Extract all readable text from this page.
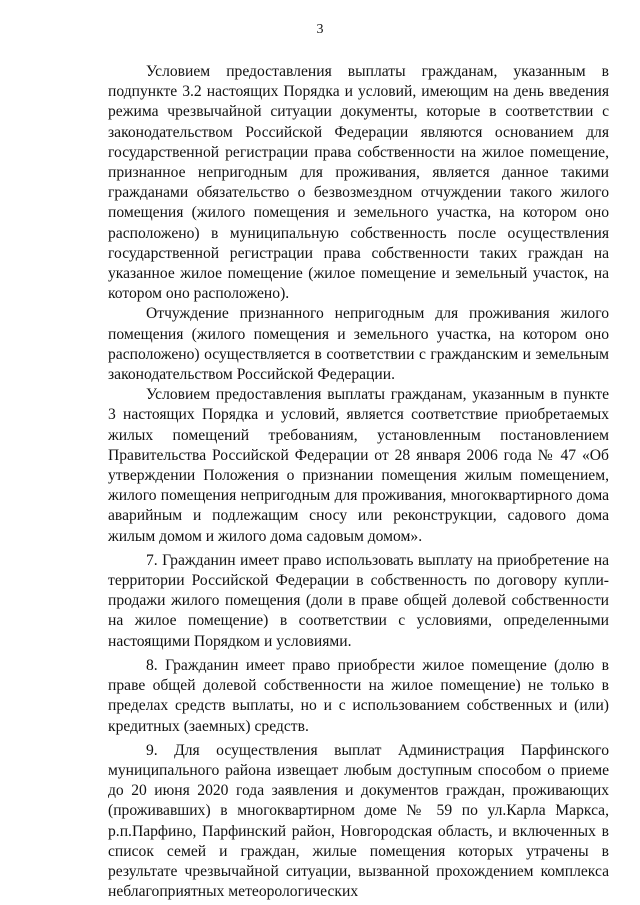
3

Условием предоставления выплаты гражданам, указанным в подпункте 3.2 настоящих Порядка и условий, имеющим на день введения режима чрезвычайной ситуации документы, которые в соответствии с законодательством Российской Федерации являются основанием для государственной регистрации права собственности на жилое помещение, признанное непригодным для проживания, является данное такими гражданами обязательство о безвозмездном отчуждении такого жилого помещения (жилого помещения и земельного участка, на котором оно расположено) в муниципальную собственность после осуществления государственной регистрации права собственности таких граждан на указанное жилое помещение (жилое помещение и земельный участок, на котором оно расположено).

Отчуждение признанного непригодным для проживания жилого помещения (жилого помещения и земельного участка, на котором оно расположено) осуществляется в соответствии с гражданским и земельным законодательством Российской Федерации.

Условием предоставления выплаты гражданам, указанным в пункте 3 настоящих Порядка и условий, является соответствие приобретаемых жилых помещений требованиям, установленным постановлением Правительства Российской Федерации от 28 января 2006 года № 47 «Об утверждении Положения о признании помещения жилым помещением, жилого помещения непригодным для проживания, многоквартирного дома аварийным и подлежащим сносу или реконструкции, садового дома жилым домом и жилого дома садовым домом».

7. Гражданин имеет право использовать выплату на приобретение на территории Российской Федерации в собственность по договору купли-продажи жилого помещения (доли в праве общей долевой собственности на жилое помещение) в соответствии с условиями, определенными настоящими Порядком и условиями.

8. Гражданин имеет право приобрести жилое помещение (долю в праве общей долевой собственности на жилое помещение) не только в пределах средств выплаты, но и с использованием собственных и (или) кредитных (заемных) средств.

9. Для осуществления выплат Администрация Парфинского муниципального района извещает любым доступным способом о приеме до 20 июня 2020 года заявления и документов граждан, проживающих (проживавших) в многоквартирном доме № 59 по ул.Карла Маркса, р.п.Парфино, Парфинский район, Новгородская область, и включенных в список семей и граждан, жилые помещения которых утрачены в результате чрезвычайной ситуации, вызванной прохождением комплекса неблагоприятных метеорологических
